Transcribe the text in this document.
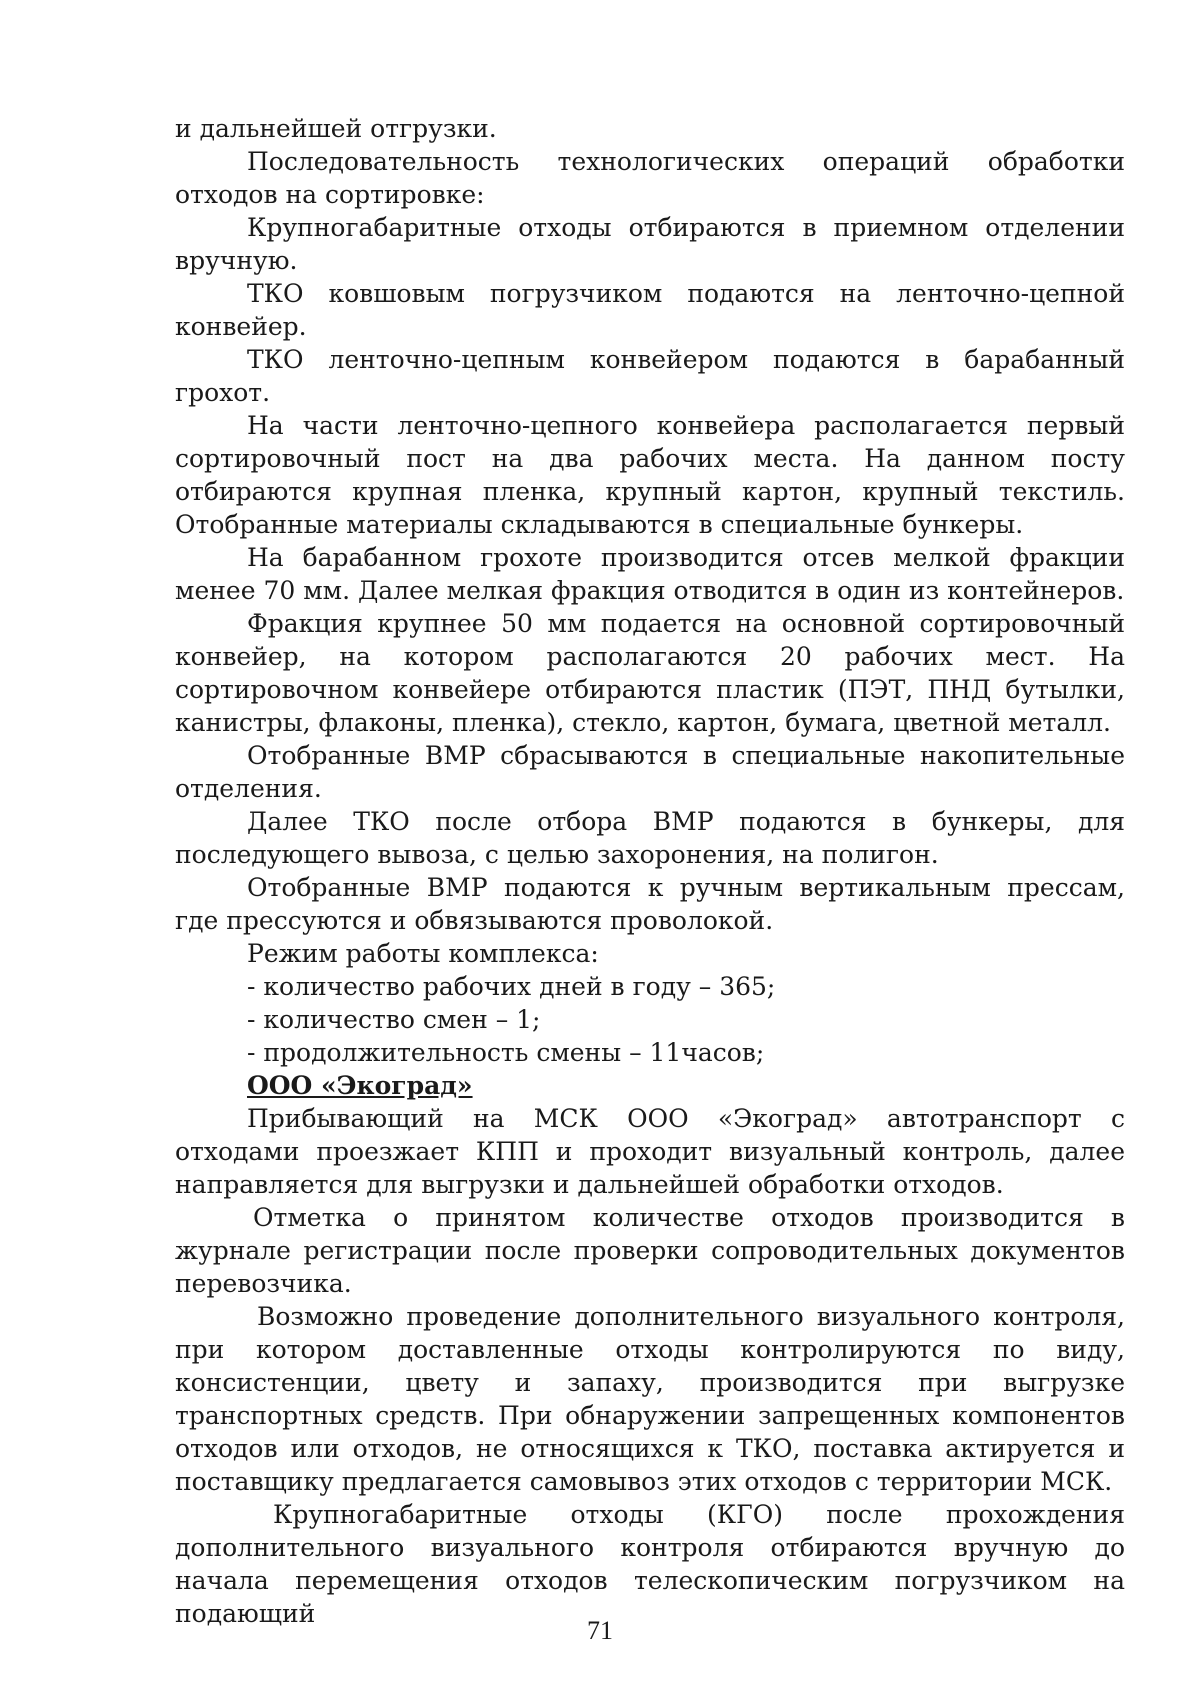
и дальнейшей отгрузки.

Последовательность технологических операций обработки отходов на сортировке:

Крупногабаритные отходы отбираются в приемном отделении вручную.

ТКО ковшовым погрузчиком подаются на ленточно-цепной конвейер.

ТКО ленточно-цепным конвейером подаются в барабанный грохот.

На части ленточно-цепного конвейера располагается первый сортировочный пост на два рабочих места. На данном посту отбираются крупная пленка, крупный картон, крупный текстиль. Отобранные материалы складываются в специальные бункеры.

На барабанном грохоте производится отсев мелкой фракции менее 70 мм. Далее мелкая фракция отводится в один из контейнеров.

Фракция крупнее 50 мм подается на основной сортировочный конвейер, на котором располагаются 20 рабочих мест. На сортировочном конвейере отбираются пластик (ПЭТ, ПНД бутылки, канистры, флаконы, пленка), стекло, картон, бумага, цветной металл.

Отобранные ВМР сбрасываются в специальные накопительные отделения.

Далее ТКО после отбора ВМР подаются в бункеры, для последующего вывоза, с целью захоронения, на полигон.

Отобранные ВМР подаются к ручным вертикальным прессам, где прессуются и обвязываются проволокой.

Режим работы комплекса:

- количество рабочих дней в году – 365;

- количество смен – 1;

- продолжительность смены – 11часов;

ООО «Экоград»

Прибывающий на МСК ООО «Экоград» автотранспорт с отходами проезжает КПП и проходит визуальный контроль, далее направляется для выгрузки и дальнейшей обработки отходов.

Отметка о принятом количестве отходов производится в журнале регистрации после проверки сопроводительных документов перевозчика.

Возможно проведение дополнительного визуального контроля, при котором доставленные отходы контролируются по виду, консистенции, цвету и запаху, производится при выгрузке транспортных средств. При обнаружении запрещенных компонентов отходов или отходов, не относящихся к ТКО, поставка актируется и поставщику предлагается самовывоз этих отходов с территории МСК.

Крупногабаритные отходы (КГО) после прохождения дополнительного визуального контроля отбираются вручную до начала перемещения отходов телескопическим погрузчиком на подающий

71
